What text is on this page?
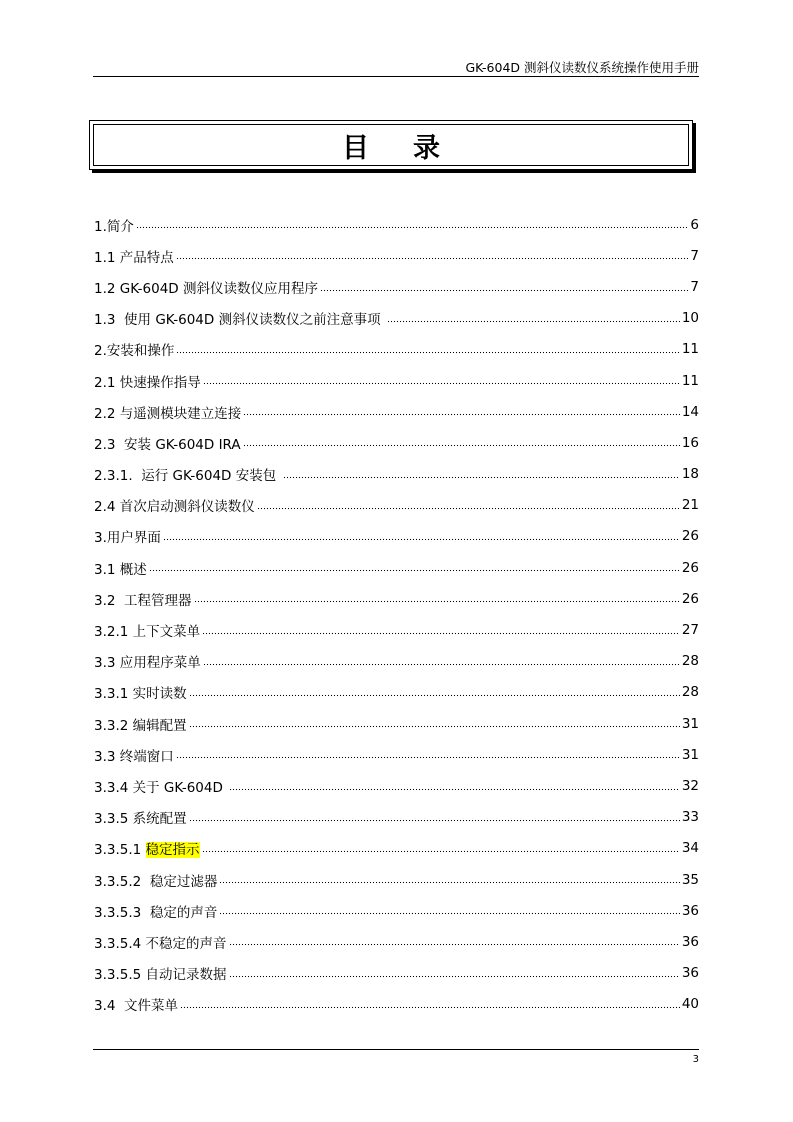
GK-604D 测斜仪读数仪系统操作使用手册
目录
1.简介	6
1.1 产品特点	7
1.2 GK-604D 测斜仪读数仪应用程序	7
1.3  使用 GK-604D 测斜仪读数仪之前注意事项	10
2.安装和操作	11
2.1 快速操作指导	11
2.2 与遥测模块建立连接	14
2.3  安装 GK-604D IRA	16
2.3.1.  运行 GK-604D 安装包	18
2.4 首次启动测斜仪读数仪	21
3.用户界面	26
3.1 概述	26
3.2  工程管理器	26
3.2.1 上下文菜单	27
3.3 应用程序菜单	28
3.3.1 实时读数	28
3.3.2 编辑配置	31
3.3 终端窗口	31
3.3.4 关于 GK-604D	32
3.3.5 系统配置	33
3.3.5.1 稳定指示	34
3.3.5.2  稳定过滤器	35
3.3.5.3  稳定的声音	36
3.3.5.4 不稳定的声音	36
3.3.5.5 自动记录数据	36
3.4  文件菜单	40
3
